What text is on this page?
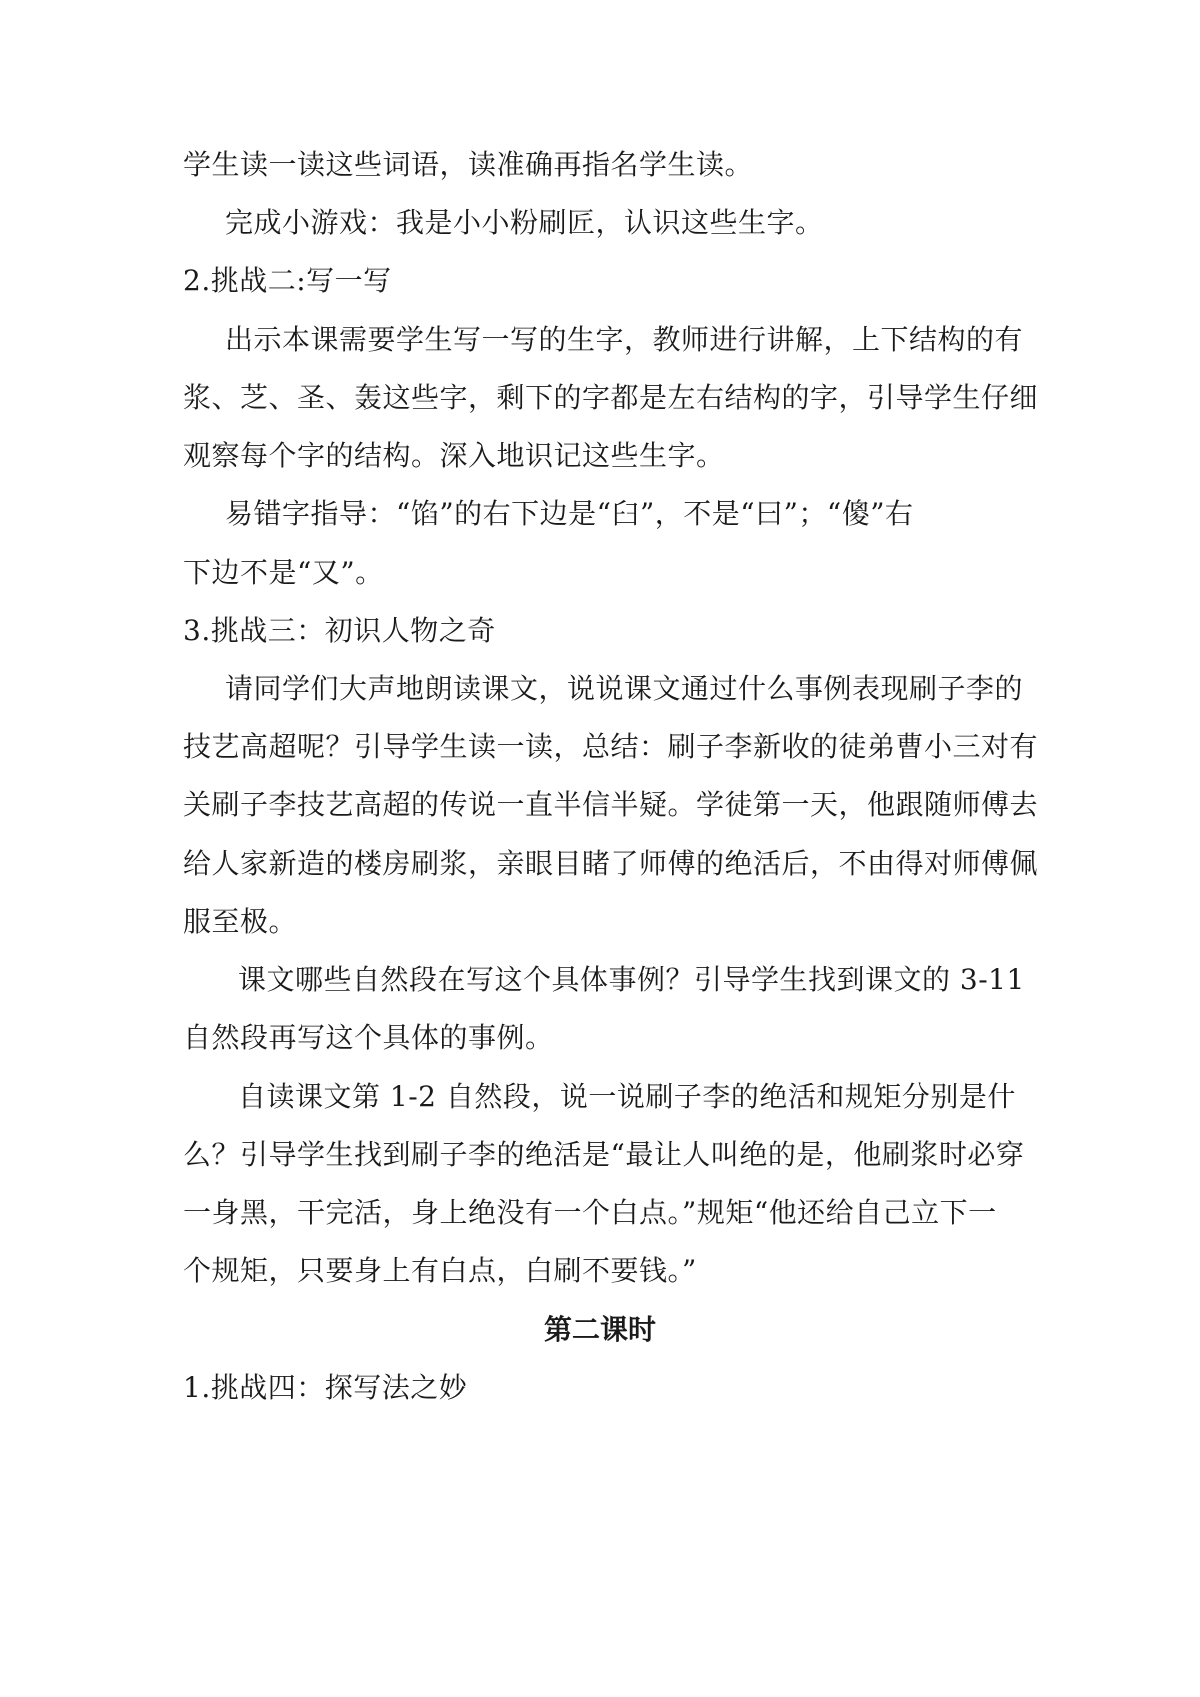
学生读一读这些词语，读准确再指名学生读。
完成小游戏：我是小小粉刷匠，认识这些生字。
2.挑战二:写一写
出示本课需要学生写一写的生字，教师进行讲解，上下结构的有
浆、芝、圣、轰这些字，剩下的字都是左右结构的字，引导学生仔细
观察每个字的结构。深入地识记这些生字。
易错字指导：“馅”的右下边是“臼”，不是“曰”；“傻”右
下边不是“又”。
3.挑战三：初识人物之奇
请同学们大声地朗读课文，说说课文通过什么事例表现刷子李的
技艺高超呢？引导学生读一读，总结：刷子李新收的徒弟曹小三对有
关刷子李技艺高超的传说一直半信半疑。学徒第一天，他跟随师傅去
给人家新造的楼房刷浆，亲眼目睹了师傅的绝活后，不由得对师傅佩
服至极。
课文哪些自然段在写这个具体事例？引导学生找到课文的 3-11
自然段再写这个具体的事例。
自读课文第 1-2 自然段，说一说刷子李的绝活和规矩分别是什
么？引导学生找到刷子李的绝活是“最让人叫绝的是，他刷浆时必穿
一身黑，干完活，身上绝没有一个白点。”规矩“他还给自己立下一
个规矩，只要身上有白点，白刷不要钱。”
第二课时
1.挑战四：探写法之妙
